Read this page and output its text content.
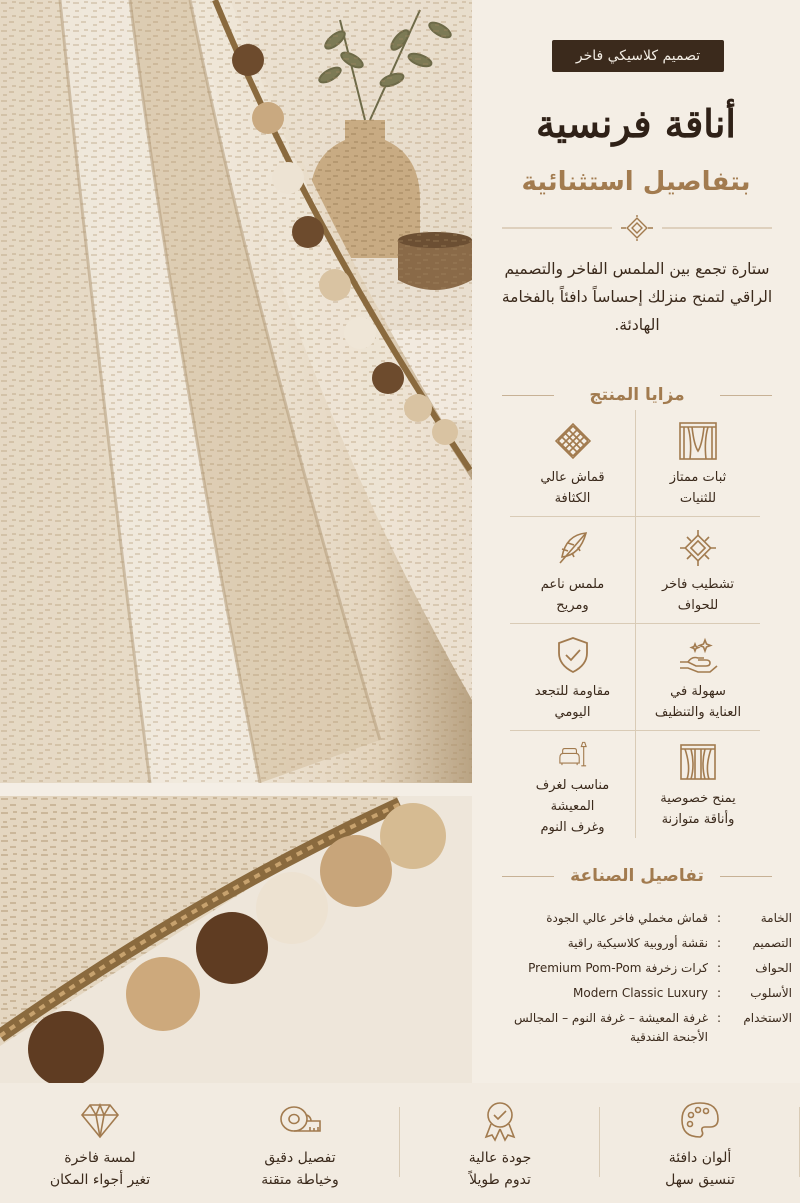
تصميم كلاسيكي فاخر
أناقة فرنسية
بتفاصيل استثنائية

ستارة تجمع بين الملمس الفاخر والتصميم الراقي لتمنح منزلك إحساساً دافئاً بالفخامة الهادئة.

مزايا المنتج
ثبات ممتاز
للثنيات
قماش عالي
الكثافة
تشطيب فاخر
للحواف
ملمس ناعم
ومريح
سهولة في
العناية والتنظيف
مقاومة للتجعد
اليومي
يمنح خصوصية
وأناقة متوازنة
مناسب لغرف المعيشة
وغرف النوم
تفاصيل الصناعة
الخامة
:
قماش مخملي فاخر عالي الجودة
التصميم
:
نقشة أوروبية كلاسيكية راقية
الحواف
:
كرات زخرفة Premium Pom-Pom
الأسلوب
:
Modern Classic Luxury
الاستخدام
:
غرفة المعيشة – غرفة النوم – المجالس الأجنحة الفندقية
لمسة فاخرة
تغير أجواء المكان
تفصيل دقيق
وخياطة متقنة
جودة عالية
تدوم طويلاً
ألوان دافئة
تنسيق سهل
